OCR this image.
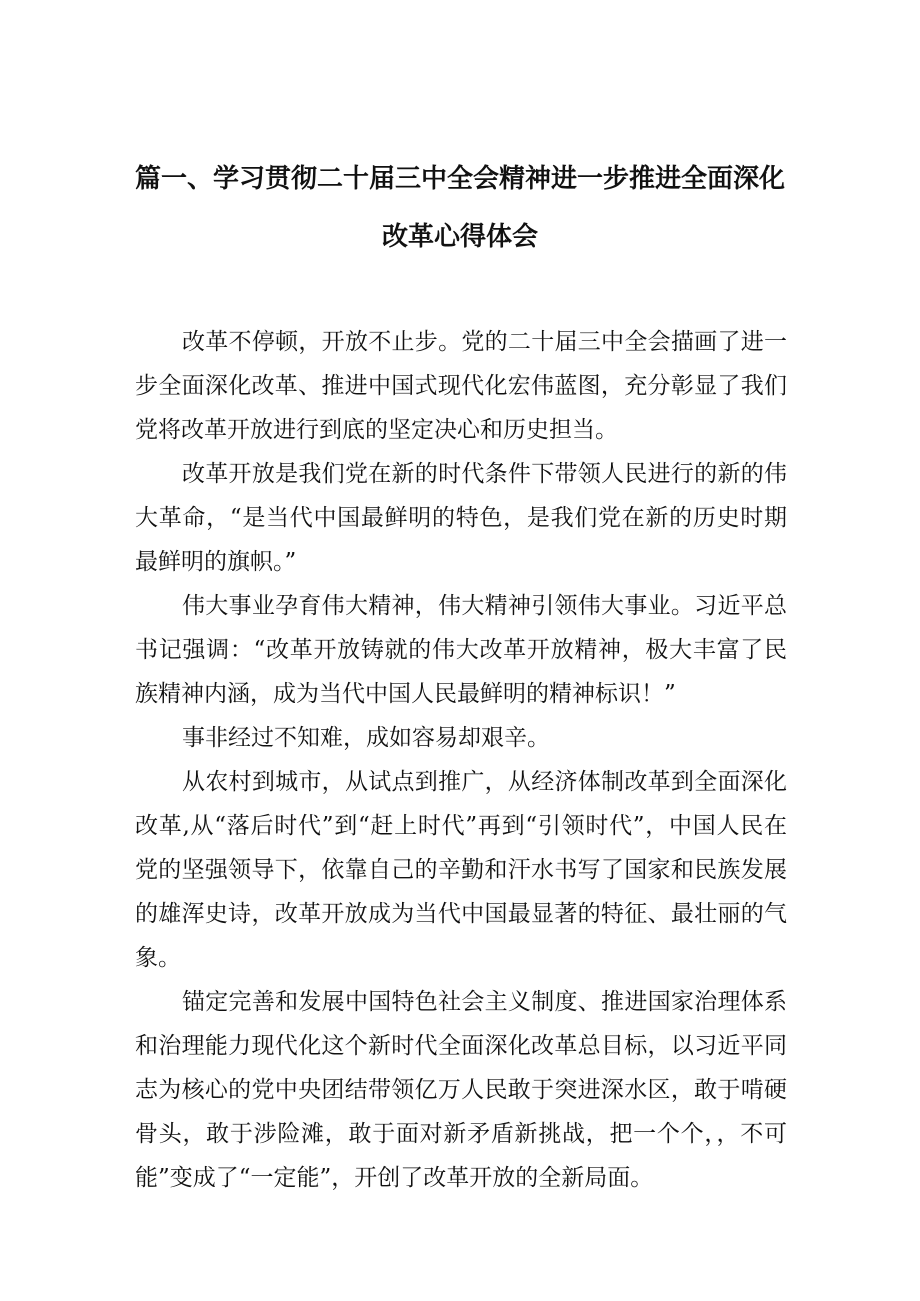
篇一、学习贯彻二十届三中全会精神进一步推进全面深化
改革心得体会

改革不停顿，开放不止步。党的二十届三中全会描画了进一步全面深化改革、推进中国式现代化宏伟蓝图，充分彰显了我们党将改革开放进行到底的坚定决心和历史担当。

改革开放是我们党在新的时代条件下带领人民进行的新的伟大革命，“是当代中国最鲜明的特色，是我们党在新的历史时期最鲜明的旗帜。”

伟大事业孕育伟大精神，伟大精神引领伟大事业。习近平总书记强调：“改革开放铸就的伟大改革开放精神，极大丰富了民族精神内涵，成为当代中国人民最鲜明的精神标识！”

事非经过不知难，成如容易却艰辛。

从农村到城市，从试点到推广，从经济体制改革到全面深化改革,从“落后时代”到“赶上时代”再到“引领时代”，中国人民在党的坚强领导下，依靠自己的辛勤和汗水书写了国家和民族发展的雄浑史诗，改革开放成为当代中国最显著的特征、最壮丽的气象。

锚定完善和发展中国特色社会主义制度、推进国家治理体系和治理能力现代化这个新时代全面深化改革总目标，以习近平同志为核心的党中央团结带领亿万人民敢于突进深水区，敢于啃硬骨头，敢于涉险滩，敢于面对新矛盾新挑战，把一个个，，不可能”变成了“一定能”，开创了改革开放的全新局面。
